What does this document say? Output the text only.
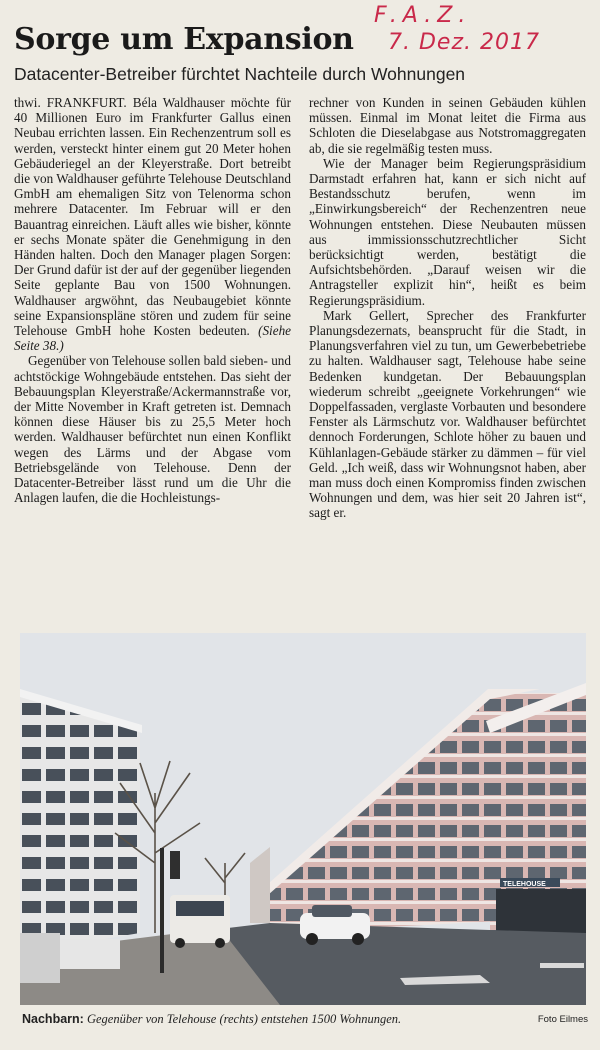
F.A.Z.
7. Dez. 2017
Sorge um Expansion
Datacenter-Betreiber fürchtet Nachteile durch Wohnungen

thwi. FRANKFURT. Béla Waldhauser möchte für 40 Millionen Euro im Frankfurter Gallus einen Neubau errichten lassen. Ein Rechenzentrum soll es werden, versteckt hinter einem gut 20 Meter hohen Gebäuderiegel an der Kleyerstraße. Dort betreibt die von Waldhauser geführte Telehouse Deutschland GmbH am ehemaligen Sitz von Telenorma schon mehrere Datacenter. Im Februar will er den Bauantrag einreichen. Läuft alles wie bisher, könnte er sechs Monate später die Genehmigung in den Händen halten. Doch den Manager plagen Sorgen: Der Grund dafür ist der auf der gegenüber liegenden Seite geplante Bau von 1500 Wohnungen. Waldhauser argwöhnt, das Neubaugebiet könnte seine Expansionspläne stören und zudem für seine Telehouse GmbH hohe Kosten bedeuten. (Siehe Seite 38.)

Gegenüber von Telehouse sollen bald sieben- und achtstöckige Wohngebäude entstehen. Das sieht der Bebauungsplan Kleyerstraße/Ackermannstraße vor, der Mitte November in Kraft getreten ist. Demnach können diese Häuser bis zu 25,5 Meter hoch werden. Waldhauser befürchtet nun einen Konflikt wegen des Lärms und der Abgase vom Betriebsgelände von Telehouse. Denn der Datacenter-Betreiber lässt rund um die Uhr die Anlagen laufen, die die Hochleistungs-

rechner von Kunden in seinen Gebäuden kühlen müssen. Einmal im Monat leitet die Firma aus Schloten die Dieselabgase aus Notstromaggregaten ab, die sie regelmäßig testen muss.

Wie der Manager beim Regierungspräsidium Darmstadt erfahren hat, kann er sich nicht auf Bestandsschutz berufen, wenn im „Einwirkungsbereich“ der Rechenzentren neue Wohnungen entstehen. Diese Neubauten müssen aus immissionsschutzrechtlicher Sicht berücksichtigt werden, bestätigt die Aufsichtsbehörden. „Darauf weisen wir die Antragsteller explizit hin“, heißt es beim Regierungspräsidium.

Mark Gellert, Sprecher des Frankfurter Planungsdezernats, beansprucht für die Stadt, in Planungsverfahren viel zu tun, um Gewerbebetriebe zu halten. Waldhauser sagt, Telehouse habe seine Bedenken kundgetan. Der Bebauungsplan wiederum schreibt „geeignete Vorkehrungen“ wie Doppelfassaden, verglaste Vorbauten und besondere Fenster als Lärmschutz vor. Waldhauser befürchtet dennoch Forderungen, Schlote höher zu bauen und Kühlanlagen-Gebäude stärker zu dämmen – für viel Geld. „Ich weiß, dass wir Wohnungsnot haben, aber man muss doch einen Kompromiss finden zwischen Wohnungen und dem, was hier seit 20 Jahren ist“, sagt er.

TELEHOUSE
Nachbarn: Gegenüber von Telehouse (rechts) entstehen 1500 Wohnungen.	Foto Eilmes
